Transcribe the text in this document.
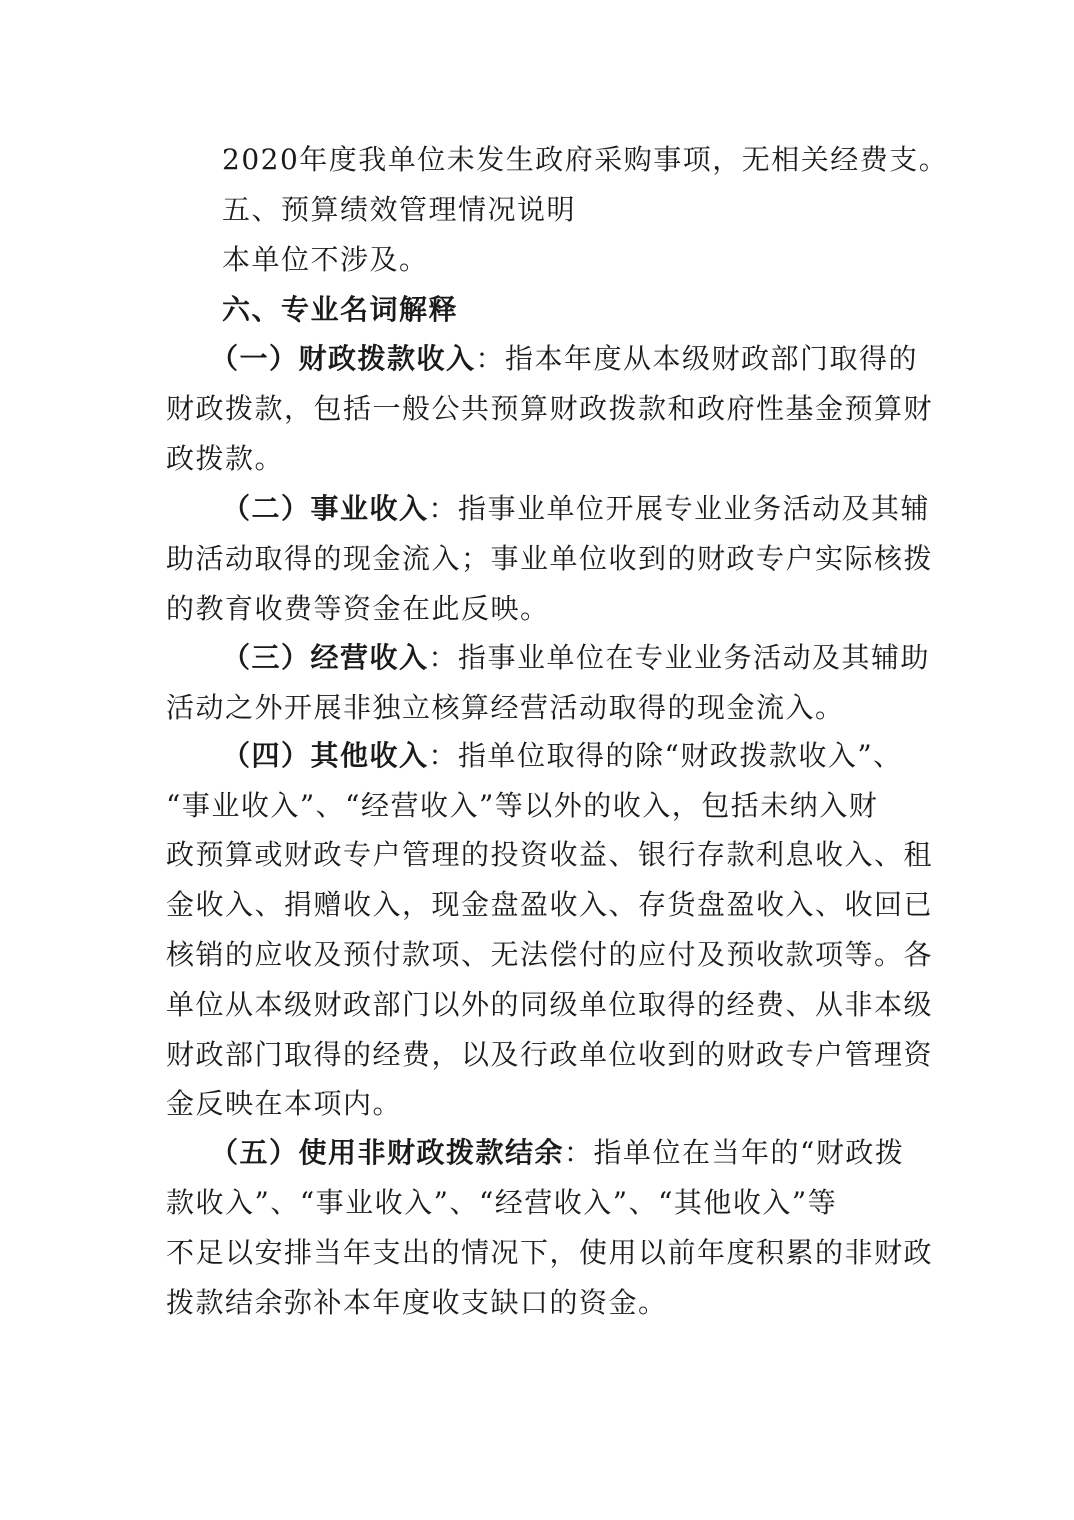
2020年度我单位未发生政府采购事项，无相关经费支。
五、预算绩效管理情况说明
本单位不涉及。
六、专业名词解释
（一）财政拨款收入：指本年度从本级财政部门取得的
财政拨款，包括一般公共预算财政拨款和政府性基金预算财
政拨款。
（二）事业收入：指事业单位开展专业业务活动及其辅
助活动取得的现金流入；事业单位收到的财政专户实际核拨
的教育收费等资金在此反映。
（三）经营收入：指事业单位在专业业务活动及其辅助
活动之外开展非独立核算经营活动取得的现金流入。
（四）其他收入：指单位取得的除“财政拨款收入”、
“事业收入”、“经营收入”等以外的收入，包括未纳入财
政预算或财政专户管理的投资收益、银行存款利息收入、租
金收入、捐赠收入，现金盘盈收入、存货盘盈收入、收回已
核销的应收及预付款项、无法偿付的应付及预收款项等。各
单位从本级财政部门以外的同级单位取得的经费、从非本级
财政部门取得的经费，以及行政单位收到的财政专户管理资
金反映在本项内。
（五）使用非财政拨款结余：指单位在当年的“财政拨
款收入”、“事业收入”、“经营收入”、“其他收入”等
不足以安排当年支出的情况下，使用以前年度积累的非财政
拨款结余弥补本年度收支缺口的资金。
